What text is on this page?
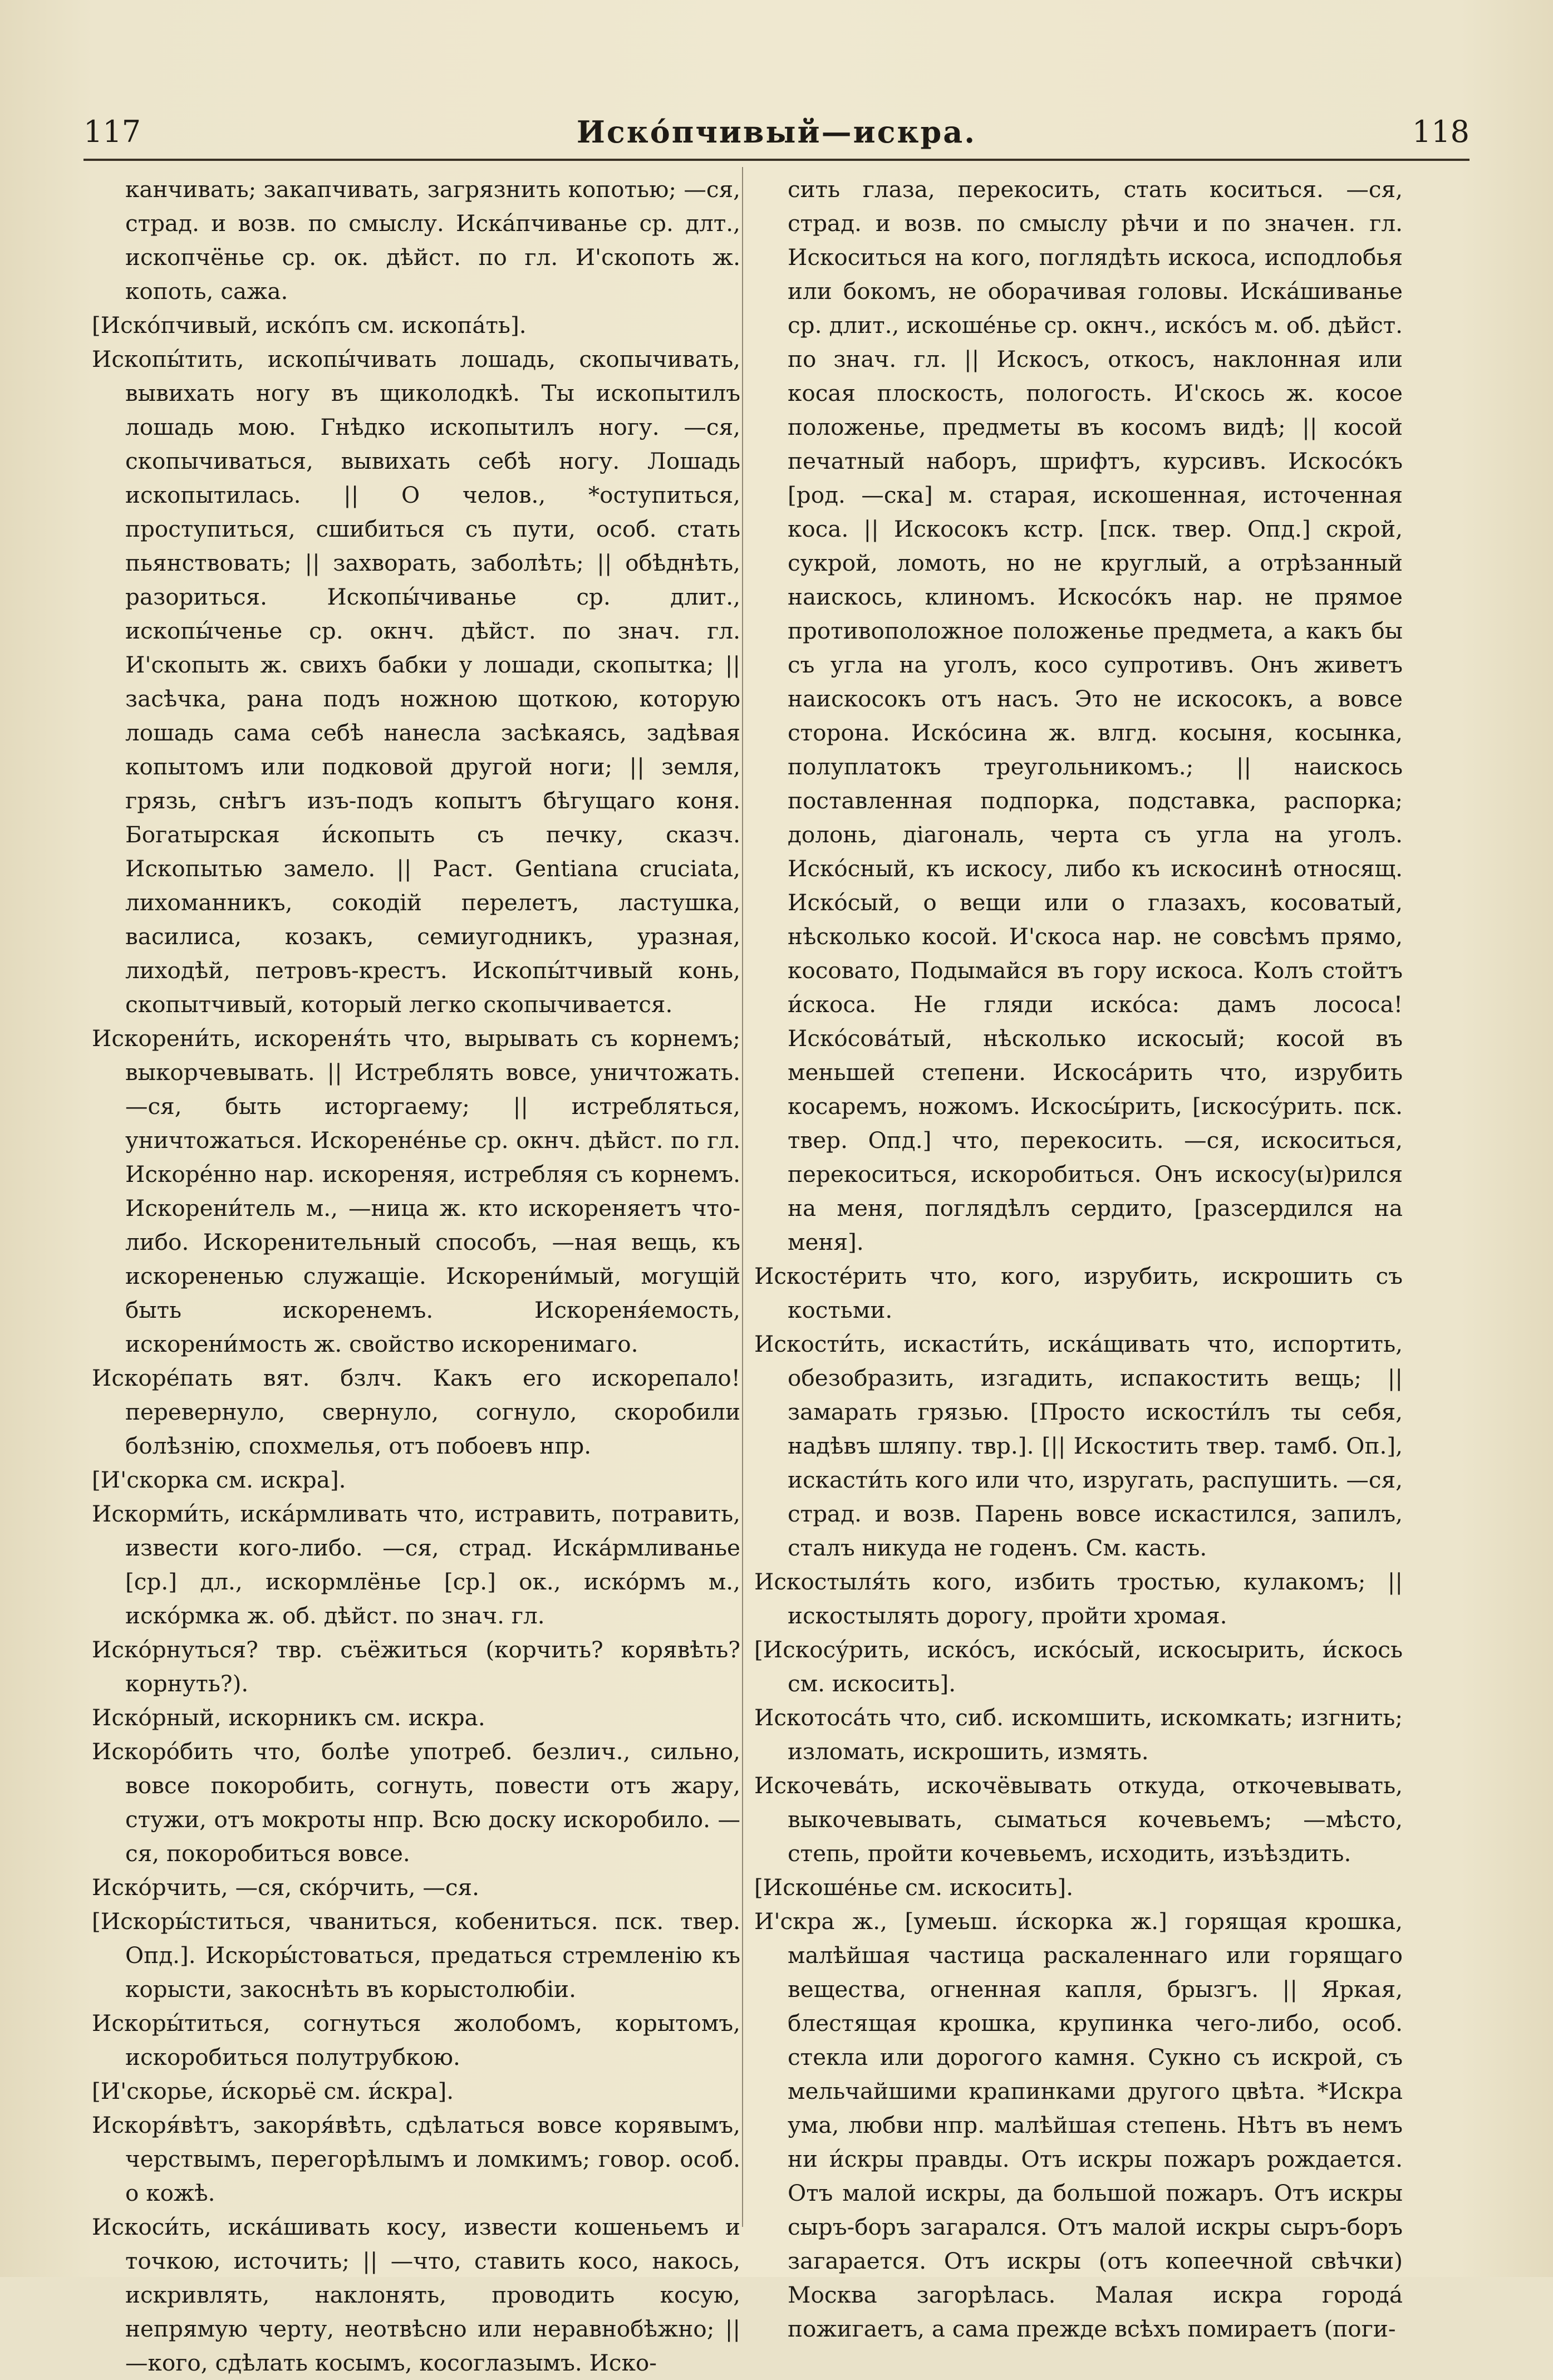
117	Иско́пчивый—искра.	118

канчивать; закапчивать, загрязнить копотью; —ся, страд. и возв. по смыслу. Иска́пчиванье ср. длт., ископчёнье ср. ок. дѣйст. по гл. И'скопоть ж. копоть, сажа.

[Иско́пчивый, иско́пъ см. ископа́ть].

Ископы́тить, ископы́чивать лошадь, скопычивать, вывихать ногу въ щиколодкѣ. Ты ископытилъ лошадь мою. Гнѣдко ископытилъ ногу. —ся, скопычиваться, вывихать себѣ ногу. Лошадь ископытилась. || О челов., *оступиться, проступиться, сшибиться съ пути, особ. стать пьянствовать; || захворать, заболѣть; || обѣднѣть, разориться. Ископы́чиванье ср. длит., ископы́ченье ср. окнч. дѣйст. по знач. гл. И'скопыть ж. свихъ бабки у лошади, скопытка; || засѣчка, рана подъ ножною щоткою, которую лошадь сама себѣ нанесла засѣкаясь, задѣвая копытомъ или подковой другой ноги; || земля, грязь, снѣгъ изъ-подъ копытъ бѣгущаго коня. Богатырская и́скопыть съ печку, сказч. Ископытью замело. || Раст. Gentiana cruciata, лихоманникъ, сокодій перелетъ, ластушка, василиса, козакъ, семиугодникъ, уразная, лиходѣй, петровъ-крестъ. Ископы́тчивый конь, скопытчивый, который легко скопычивается.

Искорени́ть, искореня́ть что, вырывать съ корнемъ; выкорчевывать. || Истреблять вовсе, уничтожать. —ся, быть исторгаему; || истребляться, уничтожаться. Искорене́нье ср. окнч. дѣйст. по гл. Искорéнно нар. искореняя, истребляя съ корнемъ. Искорени́тель м., —ница ж. кто искореняетъ что-либо. Искоренительный способъ, —ная вещь, къ искорененью служащіе. Искорени́мый, могущій быть искоренемъ. Искореня́емость, искорени́мость ж. свойство искоренимаго.

Искорéпать вят. бзлч. Какъ его искорепало! перевернуло, свернуло, согнуло, скоробили болѣзнію, спохмелья, отъ побоевъ нпр.

[И'скорка см. искра].

Искорми́ть, иска́рмливать что, истравить, потравить, извести кого-либо. —ся, страд. Иска́рмливанье [ср.] дл., искормлёнье [ср.] ок., иско́рмъ м., иско́рмка ж. об. дѣйст. по знач. гл.

Иско́рнуться? твр. съёжиться (корчить? корявѣть? корнуть?).

Иско́рный, искорникъ см. искра.

Искоро́бить что, болѣе употреб. безлич., сильно, вовсе покоробить, согнуть, повести отъ жару, стужи, отъ мокроты нпр. Всю доску искоробило. —ся, покоробиться вовсе.

Искóрчить, —ся, скóрчить, —ся.

[Искоры́ститься, чваниться, кобениться. пск. твер. Опд.]. Искоры́стоваться, предаться стремленію къ корысти, закоснѣть въ корыстолюбіи.

Искоры́титься, согнуться жолобомъ, корытомъ, искоробиться полутрубкою.

[И'скорье, и́скорьё см. и́скра].

Искоря́вѣтъ, закоря́вѣть, сдѣлаться вовсе корявымъ, черствымъ, перегорѣлымъ и ломкимъ; говор. особ. о кожѣ.

Искоси́ть, иска́шивать косу, извести кошеньемъ и точкою, источить; || —что, ставить косо, накось, искривлять, наклонять, проводить косую, непрямую черту, неотвѣсно или неравнобѣжно; || —кого, сдѣлать косымъ, косоглазымъ. Иско-

сить глаза, перекосить, стать коситься. —ся, страд. и возв. по смыслу рѣчи и по значен. гл. Искоситься на кого, поглядѣть искоса, исподлобья или бокомъ, не оборачивая головы. Иска́шиванье ср. длит., искошéнье ср. окнч., иско́съ м. об. дѣйст. по знач. гл. || Искосъ, откосъ, наклонная или косая плоскость, пологость. И'скось ж. косое положенье, предметы въ косомъ видѣ; || косой печатный наборъ, шрифтъ, курсивъ. Искосо́къ [род. —ска] м. старая, искошенная, источенная коса. || Искосокъ кстр. [пск. твер. Опд.] скрой, сукрой, ломоть, но не круглый, а отрѣзанный наискось, клиномъ. Искосо́къ нар. не прямое противоположное положенье предмета, а какъ бы съ угла на уголъ, косо супротивъ. Онъ живетъ наискосокъ отъ насъ. Это не искосокъ, а вовсе сторона. Искóсина ж. влгд. косыня, косынка, полуплатокъ треугольникомъ.; || наискось поставленная подпорка, подставка, распорка; долонь, діагональ, черта съ угла на уголъ. Искóсный, къ искосу, либо къ искосинѣ относящ. Искóсый, о вещи или о глазахъ, косоватый, нѣсколько косой. И'скоса нар. не совсѣмъ прямо, косовато, Подымайся въ гору искоса. Колъ стойтъ и́скоса. Не гляди иско́са: дамъ лососа! Искóсова́тый, нѣсколько искосый; косой въ меньшей степени. Искоса́рить что, изрубить косаремъ, ножомъ. Искосы́рить, [искосу́рить. пск. твер. Опд.] что, перекосить. —ся, искоситься, перекоситься, искоробиться. Онъ искосу(ы)рился на меня, поглядѣлъ сердито, [разсердился на меня].

Искостéрить что, кого, изрубить, искрошить съ костьми.

Искости́ть, искасти́ть, иска́щивать что, испортить, обезобразить, изгадить, испакостить вещь; || замарать грязью. [Просто искости́лъ ты себя, надѣвъ шляпу. твр.]. [|| Искостить твер. тамб. Оп.], искасти́ть кого или что, изругать, распушить. —ся, страд. и возв. Парень вовсе искастился, запилъ, сталъ никуда не годенъ. См. касть.

Искостыля́ть кого, избить тростью, кулакомъ; || искостылять дорогу, пройти хромая.

[Искосу́рить, искóсъ, искóсый, искосырить, и́скось см. искосить].

Искотоса́ть что, сиб. искомшить, искомкать; изгнить; изломать, искрошить, измять.

Искочева́ть, искочёвывать откуда, откочевывать, выкочевывать, сыматься кочевьемъ; —мѣсто, степь, пройти кочевьемъ, исходить, изъѣздить.

[Искошéнье см. искосить].

И'скра ж., [умеьш. и́скорка ж.] горящая крошка, малѣйшая частица раскаленнаго или горящаго вещества, огненная капля, брызгъ. || Яркая, блестящая крошка, крупинка чего-либо, особ. стекла или дорогого камня. Сукно съ искрой, съ мельчайшими крапинками другого цвѣта. *Искра ума, любви нпр. малѣйшая степень. Нѣтъ въ немъ ни и́скры правды. Отъ искры пожаръ рождается. Отъ малой искры, да большой пожаръ. Отъ искры сыръ-боръ загарался. Отъ малой искры сыръ-боръ загарается. Отъ искры (отъ копеечной свѣчки) Москва загорѣлась. Малая искра городá пожигаетъ, а сама прежде всѣхъ помираетъ (поги-
